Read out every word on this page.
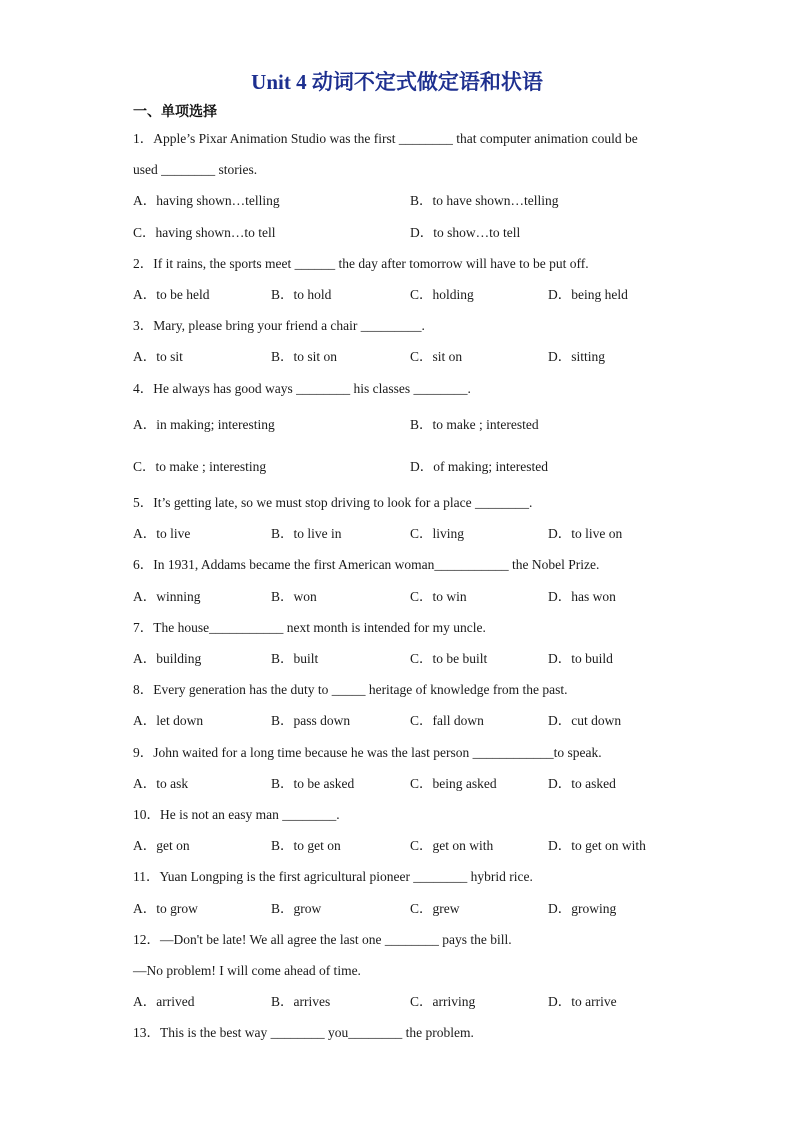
Unit 4 动词不定式做定语和状语
一、单项选择
1．Apple’s Pixar Animation Studio was the first ________ that computer animation could be
used ________ stories.
A．having shown…telling	B．to have shown…telling
C．having shown…to tell	D．to show…to tell
2．If it rains, the sports meet ______ the day after tomorrow will have to be put off.
A．to be held	B．to hold	C．holding	D．being held
3．Mary, please bring your friend a chair _________.
A．to sit	B．to sit on	C．sit on	D．sitting
4．He always has good ways ________ his classes ________.
A．in making; interesting	B．to make ; interested
C．to make ; interesting	D．of making; interested
5．It’s getting late, so we must stop driving to look for a place ________.
A．to live	B．to live in	C．living	D．to live on
6．In 1931, Addams became the first American woman___________ the Nobel Prize.
A．winning	B．won	C．to win	D．has won
7．The house___________ next month is intended for my uncle.
A．building	B．built	C．to be built	D．to build
8．Every generation has the duty to _____ heritage of knowledge from the past.
A．let down	B．pass down	C．fall down	D．cut down
9．John waited for a long time because he was the last person ____________to speak.
A．to ask	B．to be asked	C．being asked	D．to asked
10．He is not an easy man ________.
A．get on	B．to get on	C．get on with	D．to get on with
11．Yuan Longping is the first agricultural pioneer ________ hybrid rice.
A．to grow	B．grow	C．grew	D．growing
12．—Don't be late! We all agree the last one ________ pays the bill.
—No problem! I will come ahead of time.
A．arrived	B．arrives	C．arriving	D．to arrive
13．This is the best way ________ you________ the problem.
